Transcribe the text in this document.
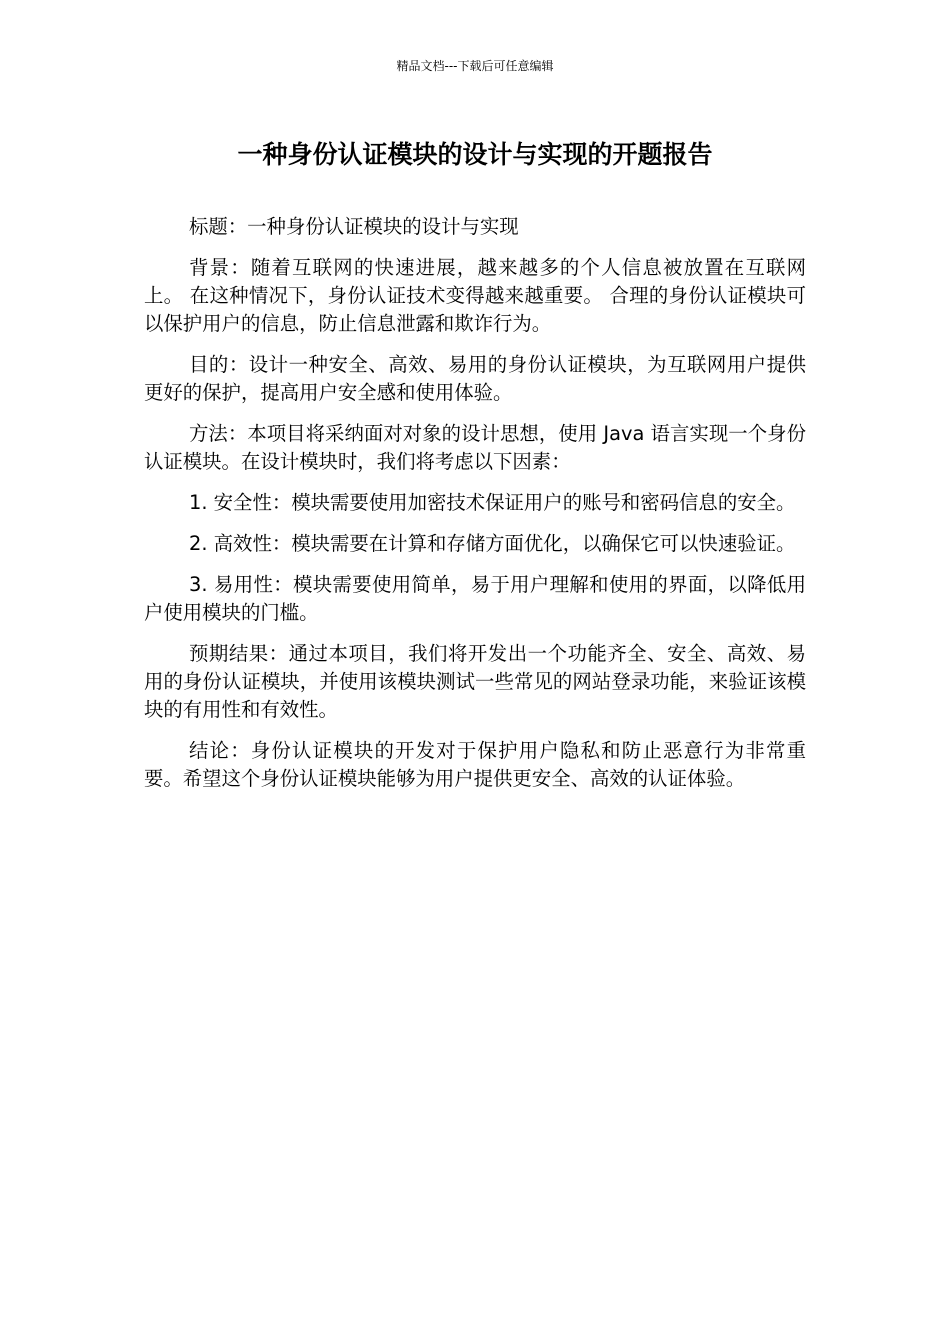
精品文档---下载后可任意编辑
一种身份认证模块的设计与实现的开题报告

标题：一种身份认证模块的设计与实现

背景：随着互联网的快速进展，越来越多的个人信息被放置在互联网上。 在这种情况下，身份认证技术变得越来越重要。 合理的身份认证模块可以保护用户的信息，防止信息泄露和欺诈行为。

目的：设计一种安全、高效、易用的身份认证模块，为互联网用户提供更好的保护，提高用户安全感和使用体验。

方法：本项目将采纳面对对象的设计思想，使用 Java 语言实现一个身份认证模块。在设计模块时，我们将考虑以下因素：

1. 安全性：模块需要使用加密技术保证用户的账号和密码信息的安全。

2. 高效性：模块需要在计算和存储方面优化，以确保它可以快速验证。

3. 易用性：模块需要使用简单，易于用户理解和使用的界面，以降低用户使用模块的门槛。

预期结果：通过本项目，我们将开发出一个功能齐全、安全、高效、易用的身份认证模块，并使用该模块测试一些常见的网站登录功能，来验证该模块的有用性和有效性。

结论：身份认证模块的开发对于保护用户隐私和防止恶意行为非常重要。希望这个身份认证模块能够为用户提供更安全、高效的认证体验。
